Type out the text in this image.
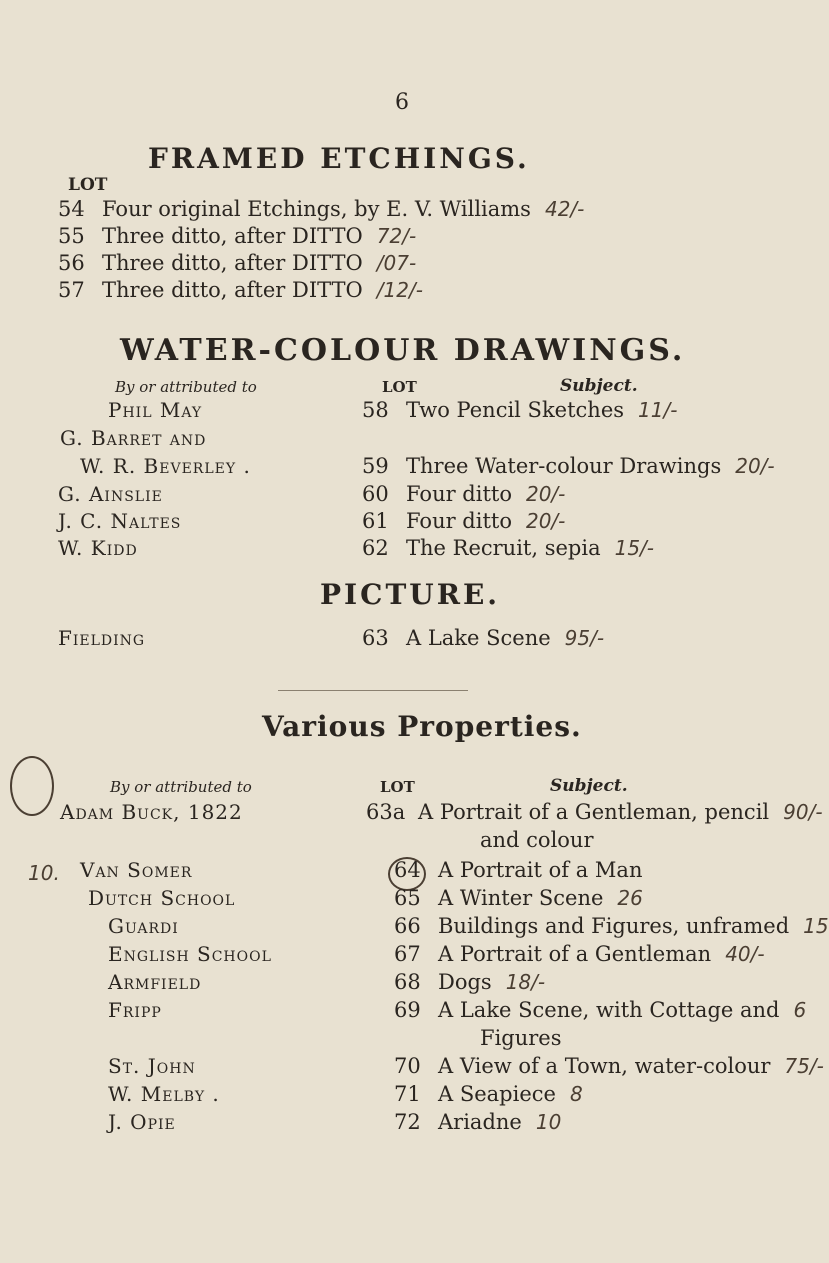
6
FRAMED ETCHINGS.
LOT
54 Four original Etchings, by E. V. Williams 42/-
55 Three ditto, after DITTO 72/-
56 Three ditto, after DITTO /07-
57 Three ditto, after DITTO /12/-
WATER-COLOUR DRAWINGS.
By or attributed to	LOT	Subject.
Phil May	58 Two Pencil Sketches 11/-
G. Barret and
W. R. Beverley .	59 Three Water-colour Drawings 20/-
G. Ainslie	60 Four ditto 20/-
J. C. Naltes	61 Four ditto 20/-
W. Kidd	62 The Recruit, sepia 15/-
PICTURE.
Fielding	63 A Lake Scene 95/-
Various Properties.
By or attributed to	LOT	Subject.
Adam Buck, 1822	63a A Portrait of a Gentleman, pencil 90/-
and colour
10. Van Somer	64 A Portrait of a Man
Dutch School	65 A Winter Scene 26
Guardi	66 Buildings and Figures, unframed 15
English School	67 A Portrait of a Gentleman 40/-
Armfield	68 Dogs 18/-
Fripp	69 A Lake Scene, with Cottage and 6
Figures
St. John	70 A View of a Town, water-colour 75/-
W. Melby .	71 A Seapiece 8
J. Opie	72 Ariadne 10
